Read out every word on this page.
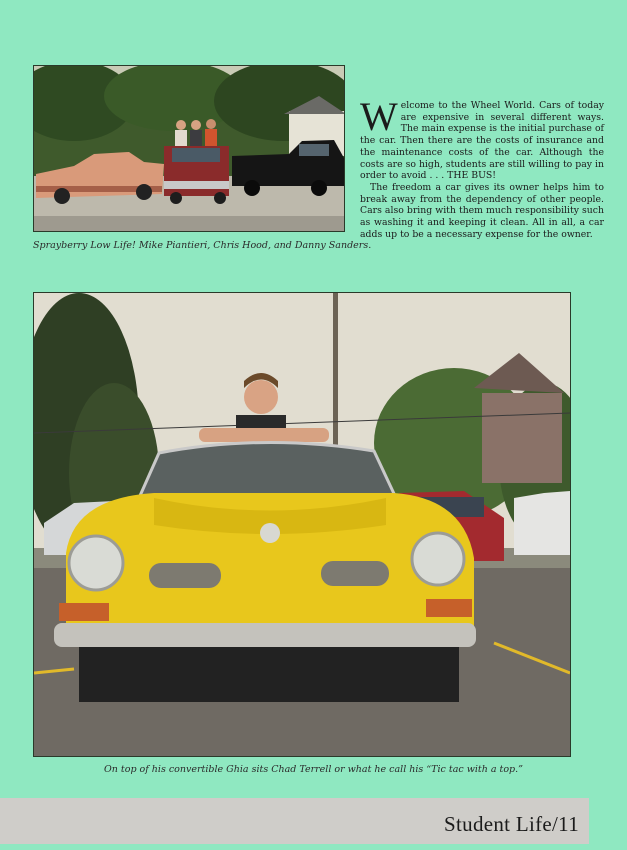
Sprayberry Low Life! Mike Piantieri, Chris Hood, and Danny Sanders.

Welcome to the Wheel World. Cars of today are expensive in several different ways. The main expense is the initial purchase of the car. Then there are the costs of insurance and the maintenance costs of the car. Although the costs are so high, students are still willing to pay in order to avoid . . . THE BUS!

The freedom a car gives its owner helps him to break away from the dependency of other people. Cars also bring with them much responsibility such as washing it and keeping it clean. All in all, a car adds up to be a necessary expense for the owner.

On top of his convertible Ghia sits Chad Terrell or what he call his “Tic tac with a top.”
Student Life/11
